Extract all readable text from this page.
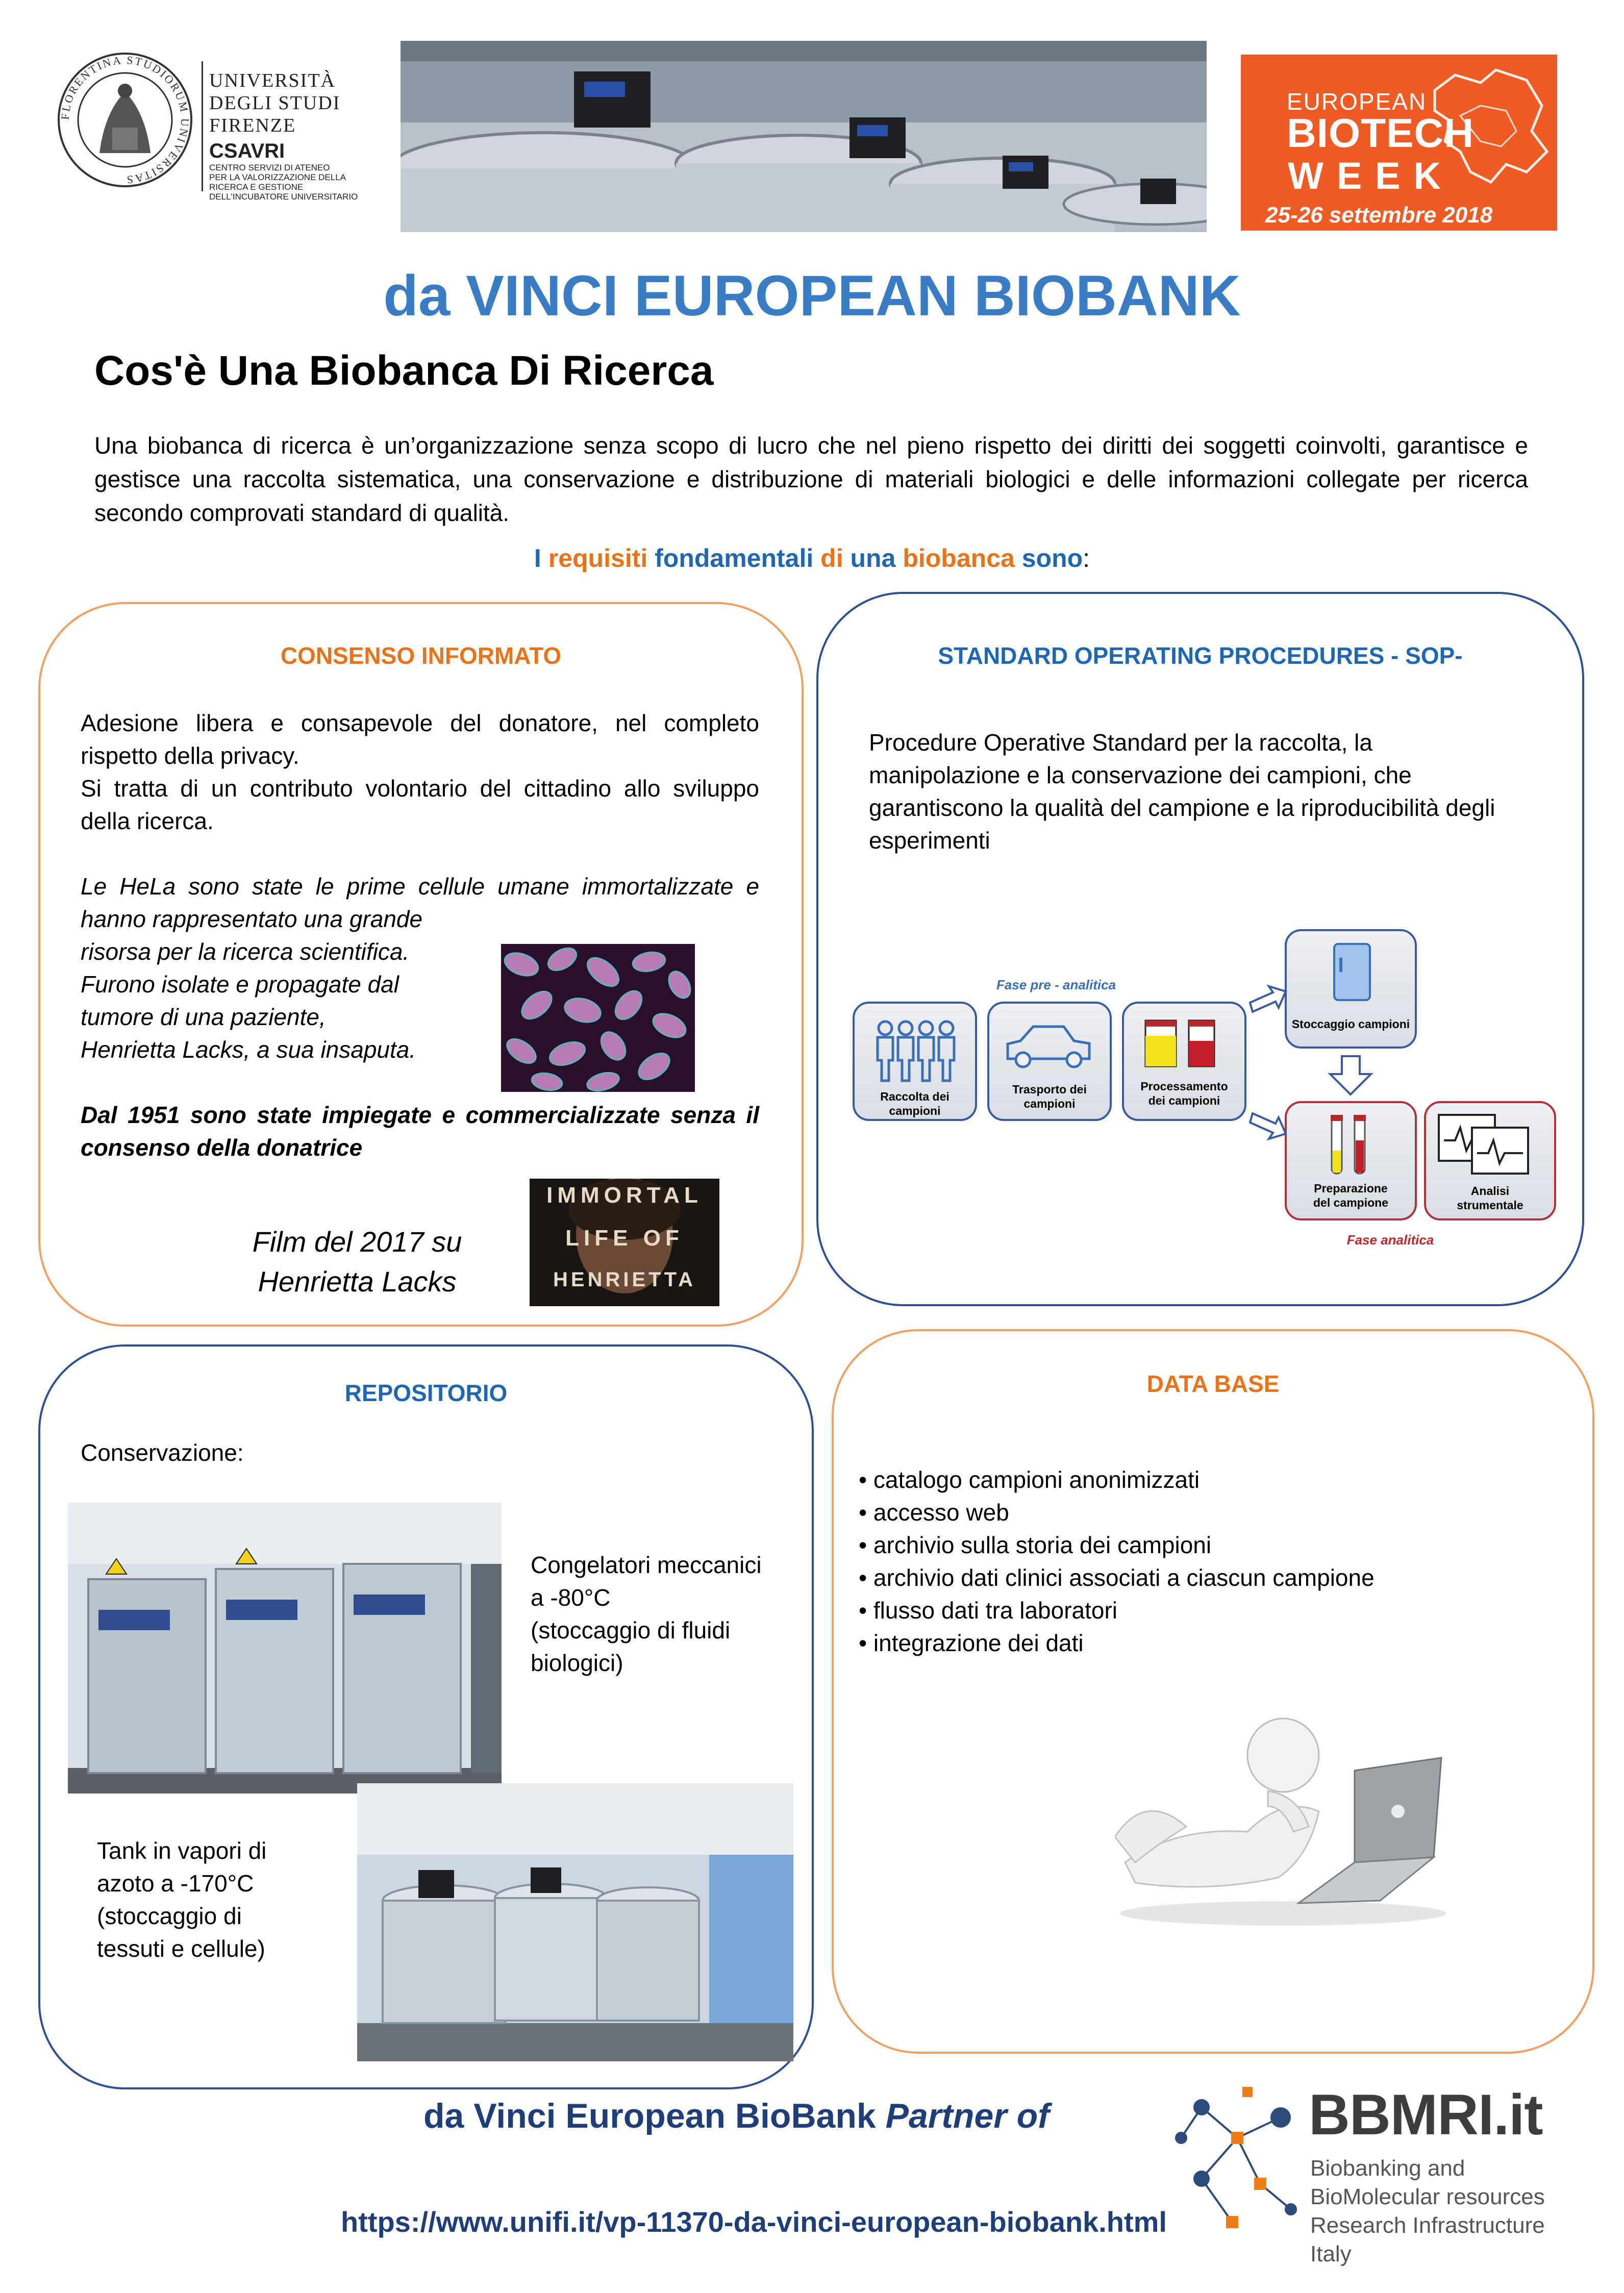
FLORENTINA STUDIORUM UNIVERSITAS
UNIVERSITÀ
DEGLI STUDI
FIRENZE
CSAVRI
CENTRO SERVIZI DI ATENEO
PER LA VALORIZZAZIONE DELLA
RICERCA E GESTIONE
DELL'INCUBATORE UNIVERSITARIO
EUROPEAN
BIOTECH
WEEK
25-26 settembre 2018
da VINCI EUROPEAN BIOBANK
Cos'è Una Biobanca Di Ricerca
Una biobanca di ricerca è un’organizzazione senza scopo di lucro che nel pieno rispetto dei diritti dei soggetti coinvolti, garantisce e gestisce una raccolta sistematica, una conservazione e distribuzione di materiali biologici e delle informazioni collegate per ricerca secondo comprovati standard di qualità.
I requisiti fondamentali di una biobanca sono:
CONSENSO INFORMATO
Adesione libera e consapevole del donatore, nel completo rispetto della privacy.
Si tratta di un contributo volontario del cittadino allo sviluppo della ricerca.
Le HeLa sono state le prime cellule umane immortalizzate e hanno rappresentato una grande
risorsa per la ricerca scientifica.
Furono isolate e propagate dal
tumore di una paziente,
Henrietta Lacks, a sua insaputa.
Dal 1951 sono state impiegate e commercializzate senza il consenso della donatrice
IMMORTAL
LIFE OF
HENRIETTA
Film del 2017 su
Henrietta Lacks
STANDARD OPERATING PROCEDURES - SOP-
Procedure Operative Standard per la raccolta, la manipolazione e la conservazione dei campioni, che garantiscono la qualità del campione e la riproducibilità degli esperimenti
Fase pre - analitica
Fase analitica
Raccolta dei
campioni
Trasporto dei
campioni
Processamento
dei campioni
Stoccaggio campioni
Preparazione
del campione
Analisi
strumentale
REPOSITORIO
Conservazione:
Congelatori meccanici
a -80°C
(stoccaggio di fluidi
biologici)
Tank in vapori di
azoto a -170°C
(stoccaggio di
tessuti e cellule)
DATA BASE
• catalogo campioni anonimizzati
• accesso web
• archivio sulla storia dei campioni
• archivio dati clinici associati a ciascun campione
• flusso dati tra laboratori
• integrazione dei dati
da Vinci European BioBank Partner of
https://www.unifi.it/vp-11370-da-vinci-european-biobank.html
BBMRI.it
Biobanking and
BioMolecular resources
Research Infrastructure
Italy
